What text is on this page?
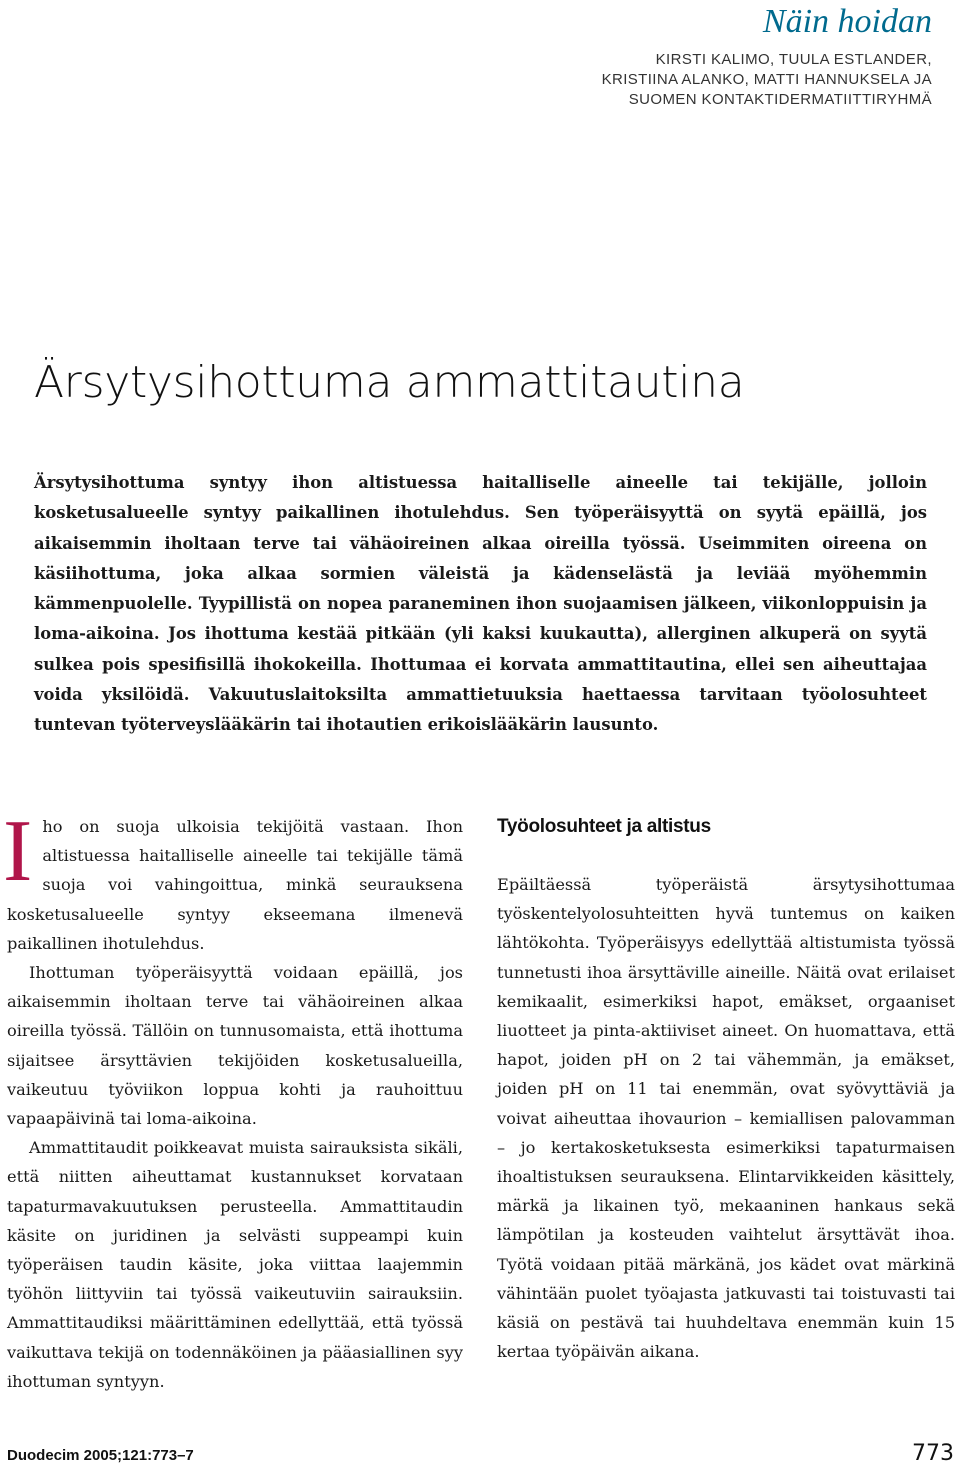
Näin hoidan
KIRSTI KALIMO, TUULA ESTLANDER,
KRISTIINA ALANKO, MATTI HANNUKSELA JA
SUOMEN KONTAKTIDERMATIITTIRYHMÄ
Ärsytysihottuma ammattitautina

Ärsytysihottuma syntyy ihon altistuessa haitalliselle aineelle tai tekijälle, jolloin kosketusalueelle syntyy paikallinen ihotulehdus. Sen työperäisyyttä on syytä epäillä, jos aikaisemmin iholtaan terve tai vähäoireinen alkaa oireilla työssä. Useimmiten oireena on käsiihottuma, joka alkaa sormien väleistä ja kädenselästä ja leviää myöhemmin kämmenpuolelle. Tyypillistä on nopea paraneminen ihon suojaamisen jälkeen, viikonloppuisin ja loma-aikoina. Jos ihottuma kestää pitkään (yli kaksi kuukautta), allerginen alkuperä on syytä sulkea pois spesifisillä ihokokeilla. Ihottumaa ei korvata ammattitautina, ellei sen aiheuttajaa voida yksilöidä. Vakuutuslaitoksilta ammattietuuksia haettaessa tarvitaan työolosuhteet tuntevan työterveyslääkärin tai ihotautien erikoislääkärin lausunto.

Iho on suoja ulkoisia tekijöitä vastaan. Ihon altistuessa haitalliselle aineelle tai tekijälle tämä suoja voi vahingoittua, minkä seurauksena kosketusalueelle syntyy ekseemana ilmenevä paikallinen ihotulehdus.

Ihottuman työperäisyyttä voidaan epäillä, jos aikaisemmin iholtaan terve tai vähäoireinen alkaa oireilla työssä. Tällöin on tunnusomaista, että ihottuma sijaitsee ärsyttävien tekijöiden kosketusalueilla, vaikeutuu työviikon loppua kohti ja rauhoittuu vapaapäivinä tai loma-aikoina.

Ammattitaudit poikkeavat muista sairauksista sikäli, että niitten aiheuttamat kustannukset korvataan tapaturmavakuutuksen perusteella. Ammattitaudin käsite on juridinen ja selvästi suppeampi kuin työperäisen taudin käsite, joka viittaa laajemmin työhön liittyviin tai työssä vaikeutuviin sairauksiin. Ammattitaudiksi määrittäminen edellyttää, että työssä vaikuttava tekijä on todennäköinen ja pääasiallinen syy ihottuman syntyyn.

Työolosuhteet ja altistus

Epäiltäessä työperäistä ärsytysihottumaa työskentelyolosuhteitten hyvä tuntemus on kaiken lähtökohta. Työperäisyys edellyttää altistumista työssä tunnetusti ihoa ärsyttäville aineille. Näitä ovat erilaiset kemikaalit, esimerkiksi hapot, emäkset, orgaaniset liuotteet ja pinta-aktiiviset aineet. On huomattava, että hapot, joiden pH on 2 tai vähemmän, ja emäkset, joiden pH on 11 tai enemmän, ovat syövyttäviä ja voivat aiheuttaa ihovaurion – kemiallisen palovamman – jo kertakosketuksesta esimerkiksi tapaturmaisen ihoaltistuksen seurauksena. Elintarvikkeiden käsittely, märkä ja likainen työ, mekaaninen hankaus sekä lämpötilan ja kosteuden vaihtelut ärsyttävät ihoa. Työtä voidaan pitää märkänä, jos kädet ovat märkinä vähintään puolet työajasta jatkuvasti tai toistuvasti tai käsiä on pestävä tai huuhdeltava enemmän kuin 15 kertaa työpäivän aikana.

Duodecim 2005;121:773–7	773
